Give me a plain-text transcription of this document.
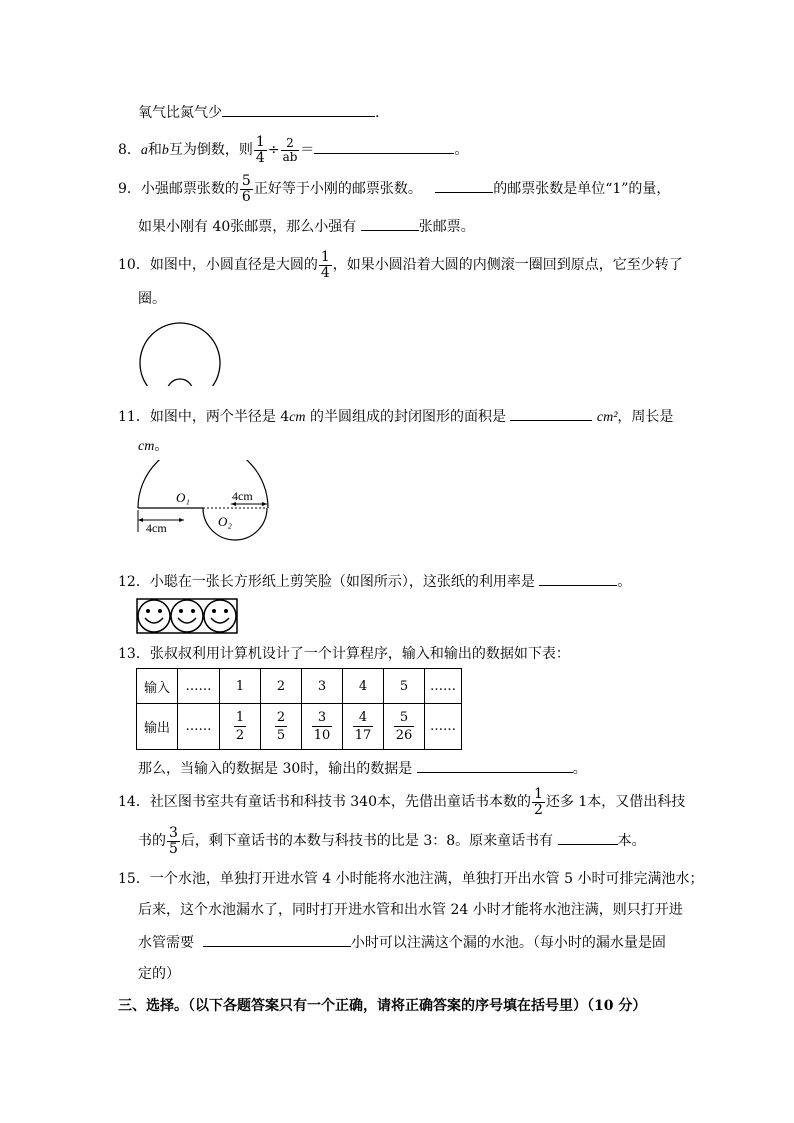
氧气比氮气少	.
8．a和b互为倒数，则 $\frac{1}{4} \div \frac{2}{ab}$ ＝	。
9．小强邮票张数的 $\frac{5}{6}$ 正好等于小刚的邮票张数。	的邮票张数是单位“1”的量，
如果小刚有 40张邮票，那么小强有	张邮票。
10．如图中，小圆直径是大圆的 $\frac{1}{4}$ ，如果小圆沿着大圆的内侧滚一圈回到原点，它至少转了
圈。
11．如图中，两个半径是 4cm 的半圆组成的封闭图形的面积是	cm²，周长是
cm。
O₁
O₂
4cm
4cm
12．小聪在一张长方形纸上剪笑脸（如图所示），这张纸的利用率是	。
13．张叔叔利用计算机设计了一个计算程序，输入和输出的数据如下表：
输入	……	1	2	3	4	5	……
输出	……	$\frac{1}{2}$	$\frac{2}{5}$	$\frac{3}{10}$	$\frac{4}{17}$	$\frac{5}{26}$	……
那么，当输入的数据是 30时，输出的数据是	。
14．社区图书室共有童话书和科技书 340本，先借出童话书本数的 $\frac{1}{2}$ 还多 1本，又借出科技
书的 $\frac{3}{5}$ 后，剩下童话书的本数与科技书的比是 3：8。原来童话书有	本。
15．一个水池，单独打开进水管 4 小时能将水池注满，单独打开出水管 5 小时可排完满池水；
后来，这个水池漏水了，同时打开进水管和出水管 24 小时才能将水池注满，则只打开进
水管需要	小时可以注满这个漏的水池。（每小时的漏水量是固
定的）
三、选择。（以下各题答案只有一个正确，请将正确答案的序号填在括号里）（10 分）
